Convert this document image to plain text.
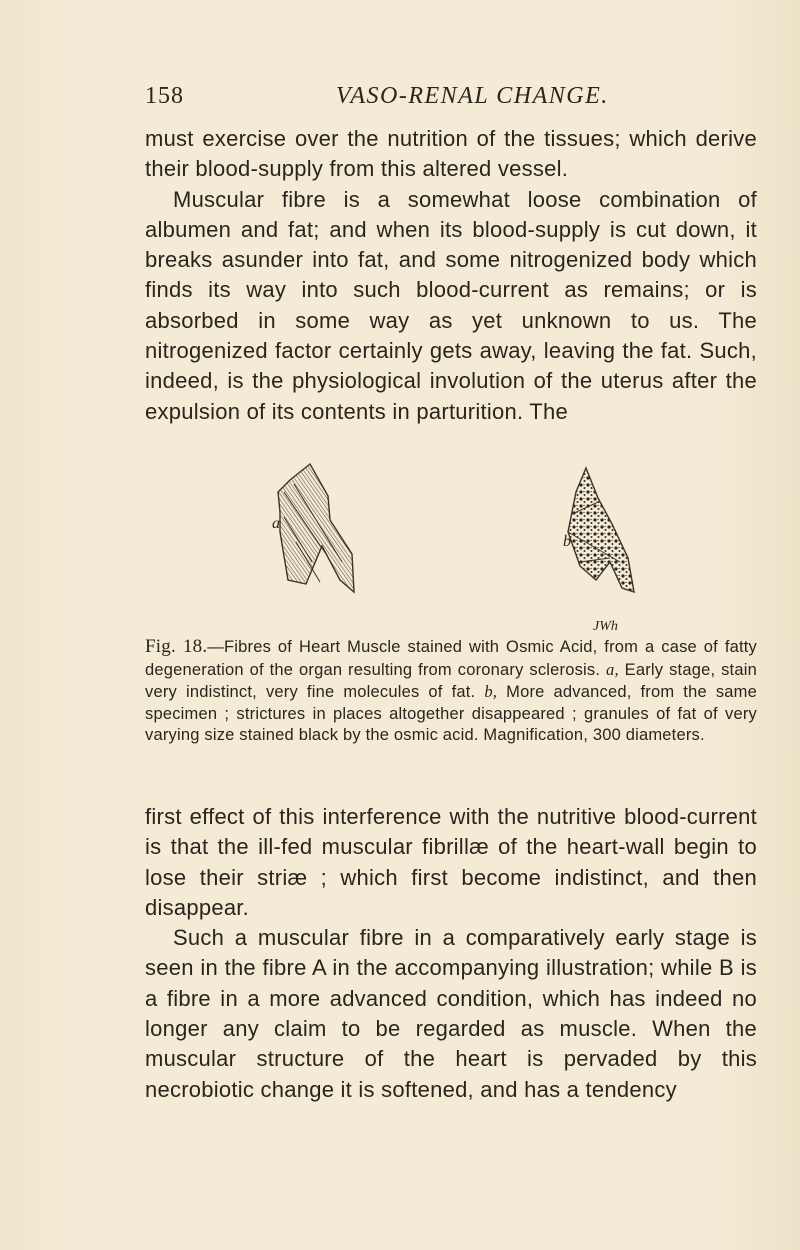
158	VASO-RENAL CHANGE.

must exercise over the nutrition of the tissues; which derive their blood-supply from this altered vessel.

Muscular fibre is a somewhat loose combination of albumen and fat; and when its blood-supply is cut down, it breaks asunder into fat, and some nitrogenized body which finds its way into such blood-current as remains; or is absorbed in some way as yet unknown to us. The nitrogenized factor certainly gets away, leaving the fat. Such, indeed, is the physiological involution of the uterus after the expulsion of its contents in parturition. The

a
b
JWh
Fig. 18.—Fibres of Heart Muscle stained with Osmic Acid, from a case of fatty degeneration of the organ resulting from coronary sclerosis. a, Early stage, stain very indistinct, very fine molecules of fat. b, More advanced, from the same specimen ; strictures in places altogether disappeared ; granules of fat of very varying size stained black by the osmic acid. Magnification, 300 diameters.

first effect of this interference with the nutritive blood-current is that the ill-fed muscular fibrillæ of the heart-wall begin to lose their striæ ; which first become indistinct, and then disappear.

Such a muscular fibre in a comparatively early stage is seen in the fibre A in the accompanying illustration; while B is a fibre in a more advanced condition, which has indeed no longer any claim to be regarded as muscle. When the muscular structure of the heart is pervaded by this necrobiotic change it is softened, and has a tendency
